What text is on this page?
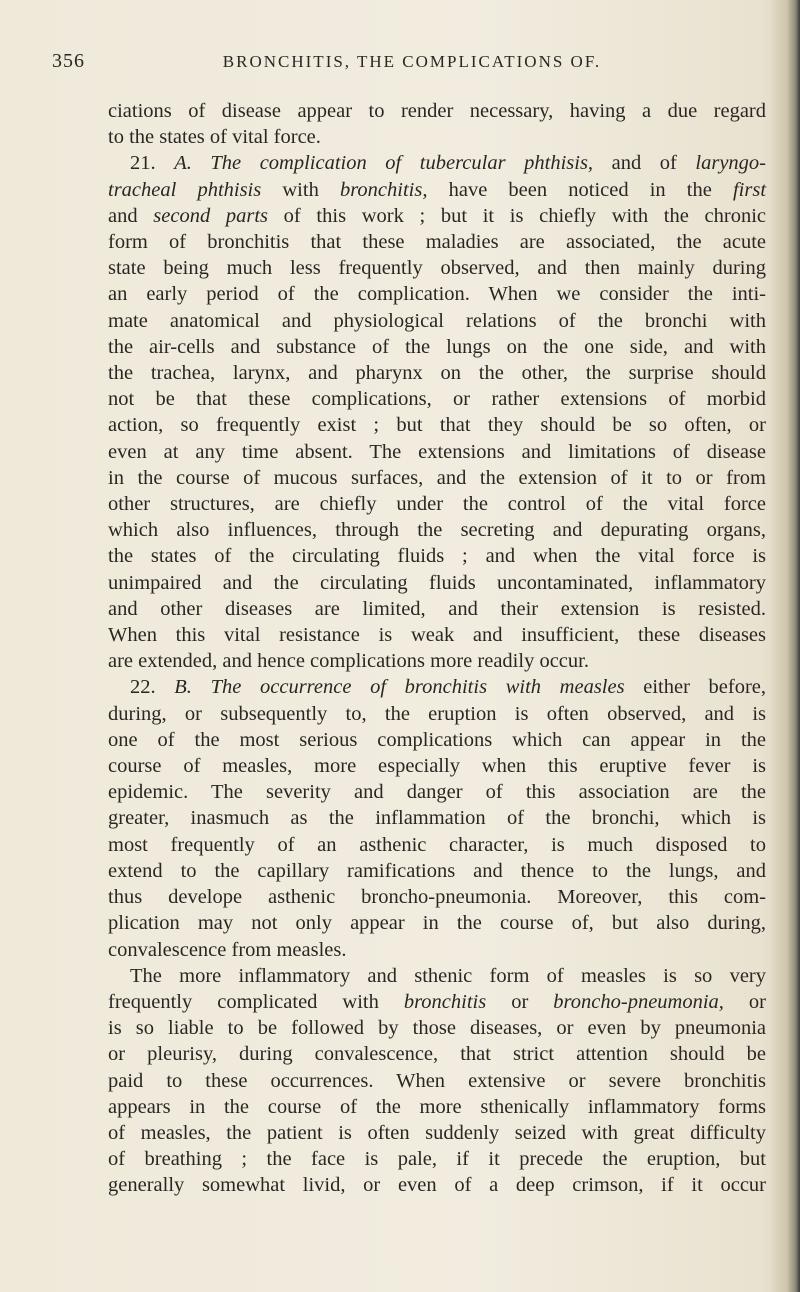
356	BRONCHITIS, THE COMPLICATIONS OF.
ciations of disease appear to render necessary, having a due regard
to the states of vital force.
21. A. The complication of tubercular phthisis, and of laryngo-
tracheal phthisis with bronchitis, have been noticed in the first
and second parts of this work ; but it is chiefly with the chronic
form of bronchitis that these maladies are associated, the acute
state being much less frequently observed, and then mainly during
an early period of the complication. When we consider the inti-
mate anatomical and physiological relations of the bronchi with
the air-cells and substance of the lungs on the one side, and with
the trachea, larynx, and pharynx on the other, the surprise should
not be that these complications, or rather extensions of morbid
action, so frequently exist ; but that they should be so often, or
even at any time absent. The extensions and limitations of disease
in the course of mucous surfaces, and the extension of it to or from
other structures, are chiefly under the control of the vital force
which also influences, through the secreting and depurating organs,
the states of the circulating fluids ; and when the vital force is
unimpaired and the circulating fluids uncontaminated, inflammatory
and other diseases are limited, and their extension is resisted.
When this vital resistance is weak and insufficient, these diseases
are extended, and hence complications more readily occur.
22. B. The occurrence of bronchitis with measles either before,
during, or subsequently to, the eruption is often observed, and is
one of the most serious complications which can appear in the
course of measles, more especially when this eruptive fever is
epidemic. The severity and danger of this association are the
greater, inasmuch as the inflammation of the bronchi, which is
most frequently of an asthenic character, is much disposed to
extend to the capillary ramifications and thence to the lungs, and
thus develope asthenic broncho-pneumonia. Moreover, this com-
plication may not only appear in the course of, but also during,
convalescence from measles.
The more inflammatory and sthenic form of measles is so very
frequently complicated with bronchitis or broncho-pneumonia, or
is so liable to be followed by those diseases, or even by pneumonia
or pleurisy, during convalescence, that strict attention should be
paid to these occurrences. When extensive or severe bronchitis
appears in the course of the more sthenically inflammatory forms
of measles, the patient is often suddenly seized with great difficulty
of breathing ; the face is pale, if it precede the eruption, but
generally somewhat livid, or even of a deep crimson, if it occur
